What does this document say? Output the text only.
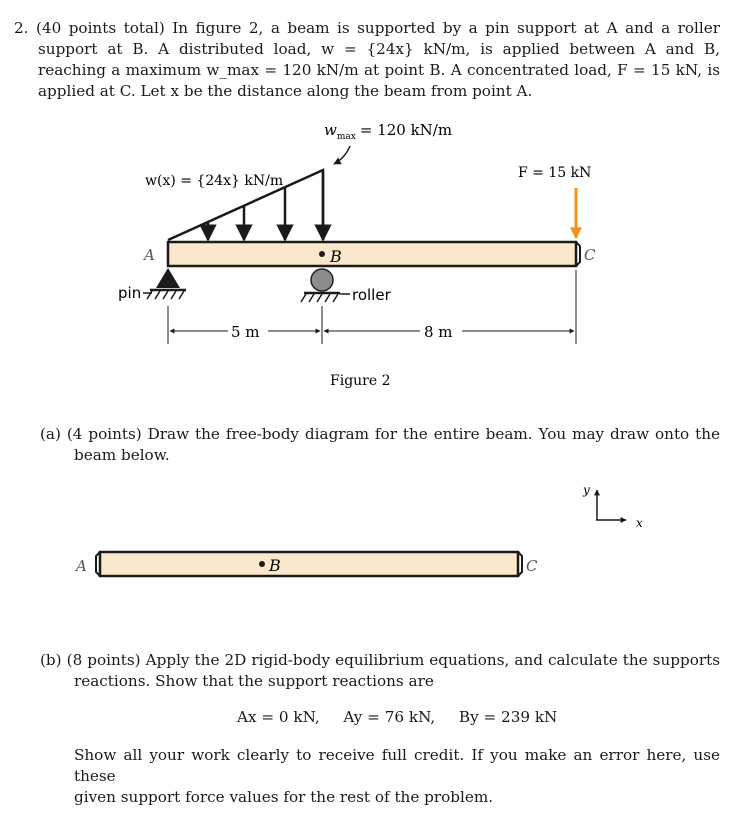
2. (40 points total) In figure 2, a beam is supported by a pin support at A and a roller
support at B. A distributed load, w = {24x} kN/m, is applied between A and B,
reaching a maximum w_max = 120 kN/m at point B. A concentrated load, F = 15 kN, is
applied at C. Let x be the distance along the beam from point A.
$w_{max} = 120$ kN/m
w(x) = {24x} kN/m
A	B	C
F = 15 kN
pin	roller
5 m	8 m
Figure 2
(a) (4 points) Draw the free-body diagram for the entire beam. You may draw onto the
beam below.
y
x
A	B	C
(b) (8 points) Apply the 2D rigid-body equilibrium equations, and calculate the supports
reactions. Show that the support reactions are
Ax = 0 kN, Ay = 76 kN, By = 239 kN
Show all your work clearly to receive full credit. If you make an error here, use these
given support force values for the rest of the problem.
